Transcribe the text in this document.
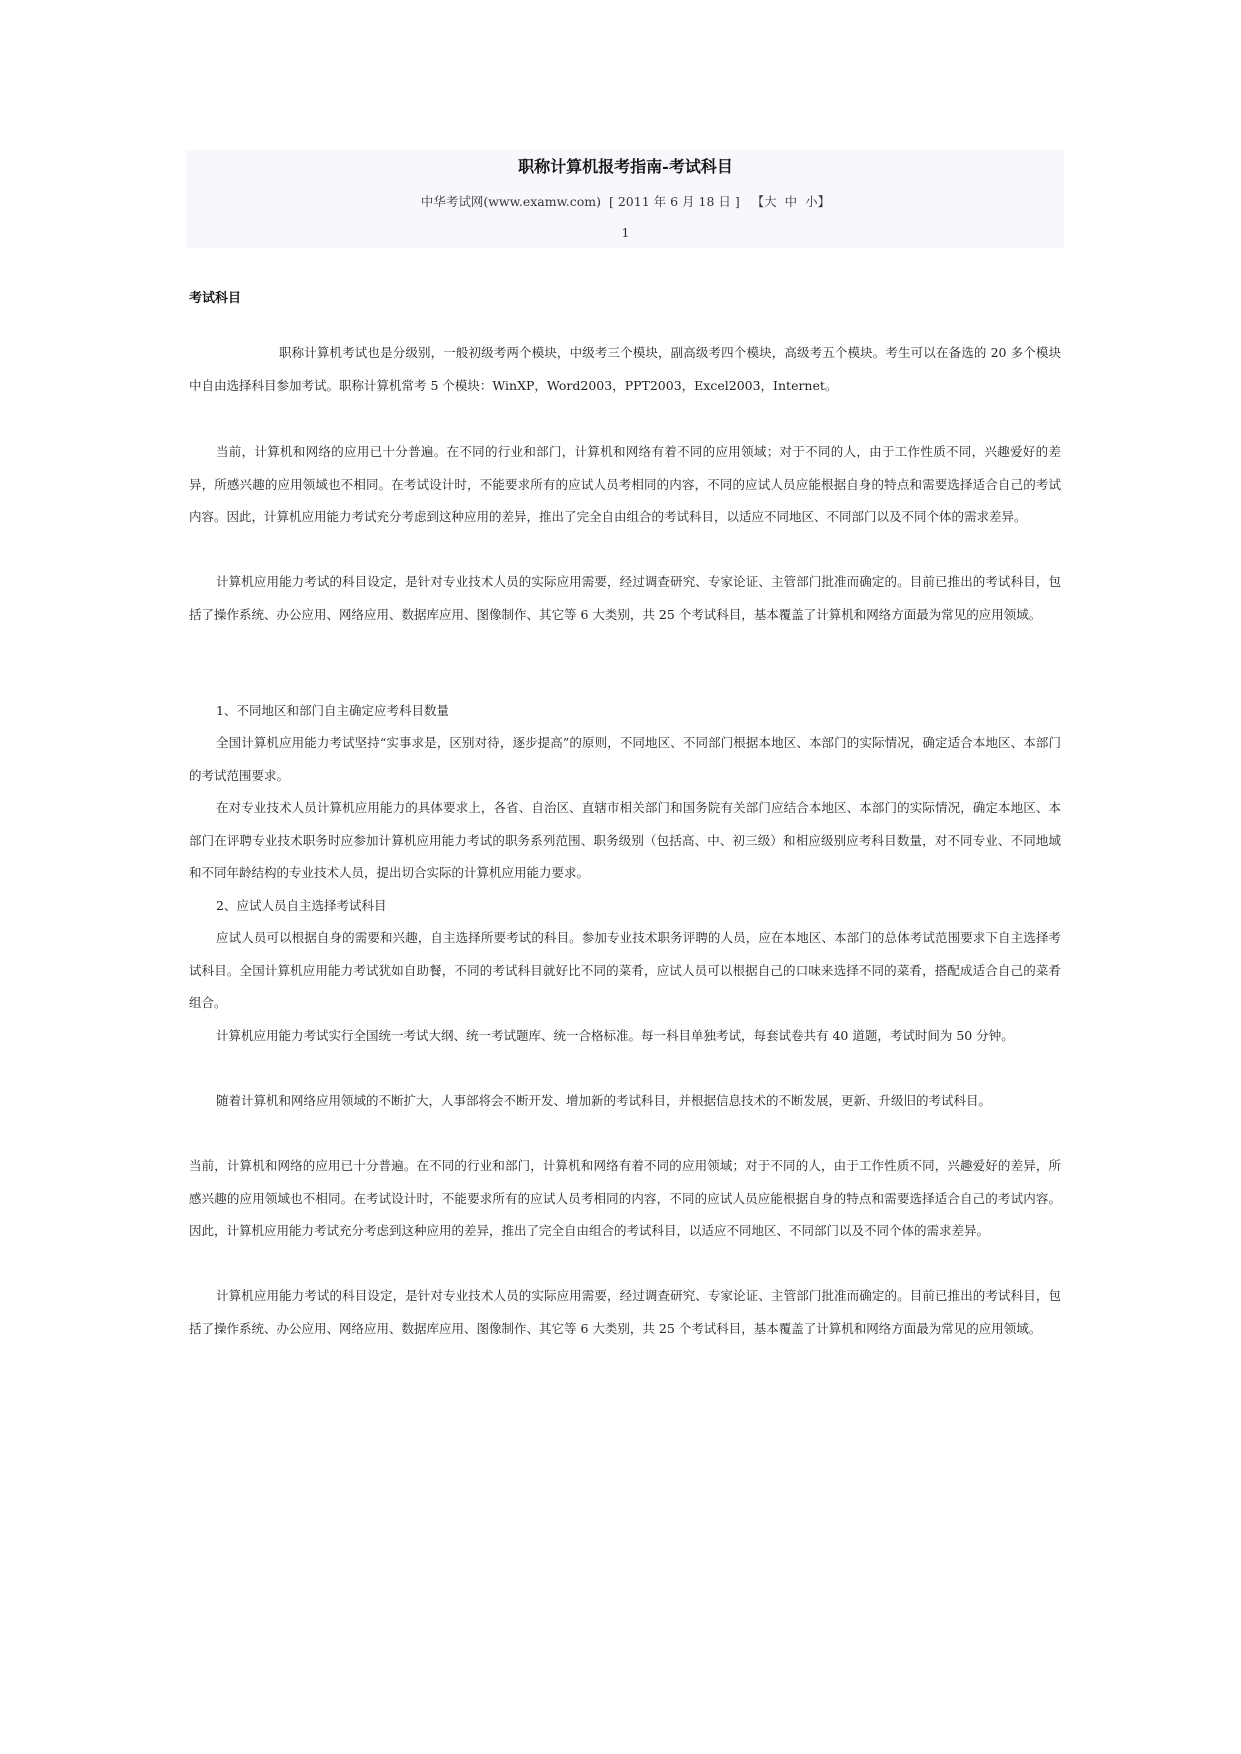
职称计算机报考指南-考试科目
中华考试网(www.examw.com) [ 2011 年 6 月 18 日 ] 【大 中 小】
1
考试科目

职称计算机考试也是分级别，一般初级考两个模块，中级考三个模块，副高级考四个模块，高级考五个模块。考生可以在备选的 20 多个模块中自由选择科目参加考试。职称计算机常考 5 个模块：WinXP，Word2003，PPT2003，Excel2003，Internet。

当前，计算机和网络的应用已十分普遍。在不同的行业和部门，计算机和网络有着不同的应用领域；对于不同的人，由于工作性质不同，兴趣爱好的差异，所感兴趣的应用领域也不相同。在考试设计时，不能要求所有的应试人员考相同的内容，不同的应试人员应能根据自身的特点和需要选择适合自己的考试内容。因此，计算机应用能力考试充分考虑到这种应用的差异，推出了完全自由组合的考试科目，以适应不同地区、不同部门以及不同个体的需求差异。

计算机应用能力考试的科目设定，是针对专业技术人员的实际应用需要，经过调查研究、专家论证、主管部门批准而确定的。目前已推出的考试科目，包括了操作系统、办公应用、网络应用、数据库应用、图像制作、其它等 6 大类别，共 25 个考试科目，基本覆盖了计算机和网络方面最为常见的应用领域。

1、不同地区和部门自主确定应考科目数量

全国计算机应用能力考试坚持“实事求是，区别对待，逐步提高”的原则，不同地区、不同部门根据本地区、本部门的实际情况，确定适合本地区、本部门的考试范围要求。

在对专业技术人员计算机应用能力的具体要求上，各省、自治区、直辖市相关部门和国务院有关部门应结合本地区、本部门的实际情况，确定本地区、本部门在评聘专业技术职务时应参加计算机应用能力考试的职务系列范围、职务级别（包括高、中、初三级）和相应级别应考科目数量，对不同专业、不同地域和不同年龄结构的专业技术人员，提出切合实际的计算机应用能力要求。

2、应试人员自主选择考试科目

应试人员可以根据自身的需要和兴趣，自主选择所要考试的科目。参加专业技术职务评聘的人员，应在本地区、本部门的总体考试范围要求下自主选择考试科目。全国计算机应用能力考试犹如自助餐，不同的考试科目就好比不同的菜肴，应试人员可以根据自己的口味来选择不同的菜肴，搭配成适合自己的菜肴组合。

计算机应用能力考试实行全国统一考试大纲、统一考试题库、统一合格标准。每一科目单独考试，每套试卷共有 40 道题，考试时间为 50 分钟。

随着计算机和网络应用领域的不断扩大，人事部将会不断开发、增加新的考试科目，并根据信息技术的不断发展，更新、升级旧的考试科目。

当前，计算机和网络的应用已十分普遍。在不同的行业和部门，计算机和网络有着不同的应用领域；对于不同的人，由于工作性质不同，兴趣爱好的差异，所感兴趣的应用领域也不相同。在考试设计时，不能要求所有的应试人员考相同的内容，不同的应试人员应能根据自身的特点和需要选择适合自己的考试内容。因此，计算机应用能力考试充分考虑到这种应用的差异，推出了完全自由组合的考试科目，以适应不同地区、不同部门以及不同个体的需求差异。

计算机应用能力考试的科目设定，是针对专业技术人员的实际应用需要，经过调查研究、专家论证、主管部门批准而确定的。目前已推出的考试科目，包括了操作系统、办公应用、网络应用、数据库应用、图像制作、其它等 6 大类别，共 25 个考试科目，基本覆盖了计算机和网络方面最为常见的应用领域。
